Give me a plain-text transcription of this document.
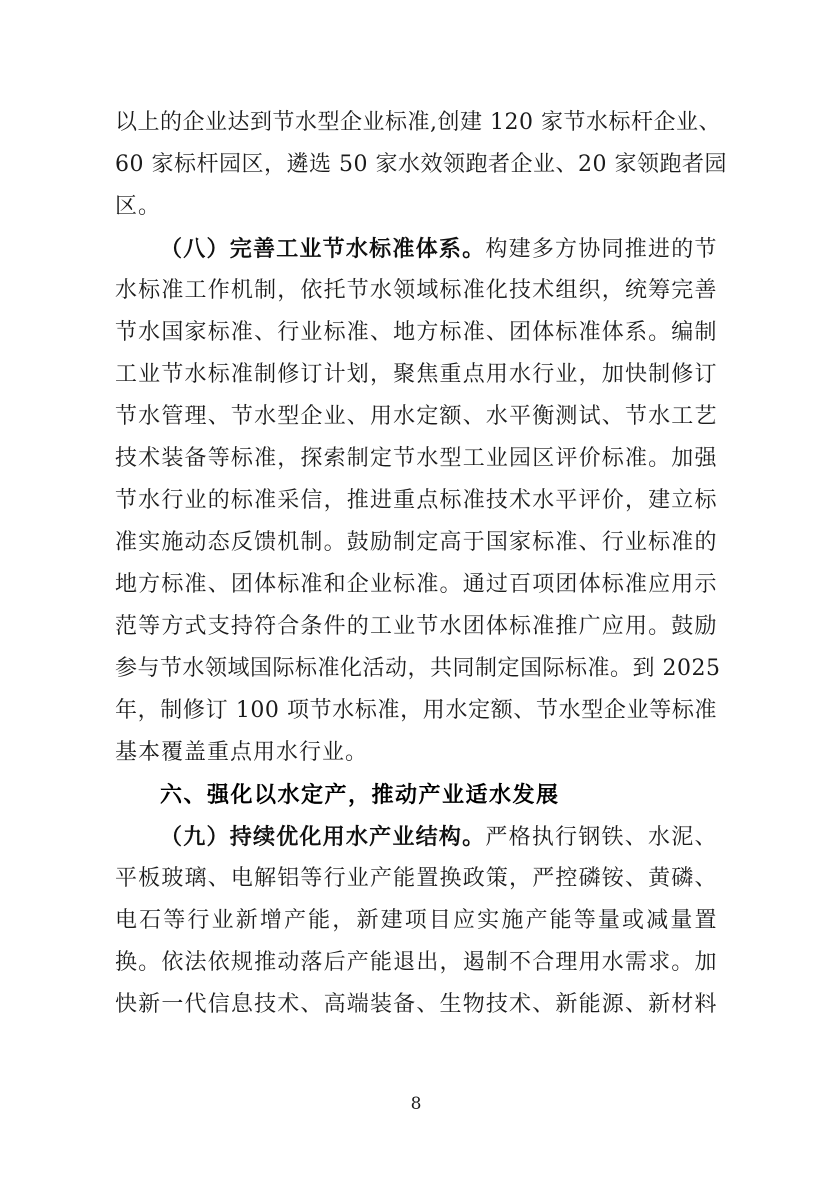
以上的企业达到节水型企业标准,创建 120 家节水标杆企业、
60 家标杆园区，遴选 50 家水效领跑者企业、20 家领跑者园
区。
（八）完善工业节水标准体系。构建多方协同推进的节
水标准工作机制，依托节水领域标准化技术组织，统筹完善
节水国家标准、行业标准、地方标准、团体标准体系。编制
工业节水标准制修订计划，聚焦重点用水行业，加快制修订
节水管理、节水型企业、用水定额、水平衡测试、节水工艺
技术装备等标准，探索制定节水型工业园区评价标准。加强
节水行业的标准采信，推进重点标准技术水平评价，建立标
准实施动态反馈机制。鼓励制定高于国家标准、行业标准的
地方标准、团体标准和企业标准。通过百项团体标准应用示
范等方式支持符合条件的工业节水团体标准推广应用。鼓励
参与节水领域国际标准化活动，共同制定国际标准。到 2025
年，制修订 100 项节水标准，用水定额、节水型企业等标准
基本覆盖重点用水行业。
六、强化以水定产，推动产业适水发展
（九）持续优化用水产业结构。严格执行钢铁、水泥、
平板玻璃、电解铝等行业产能置换政策，严控磷铵、黄磷、
电石等行业新增产能，新建项目应实施产能等量或减量置
换。依法依规推动落后产能退出，遏制不合理用水需求。加
快新一代信息技术、高端装备、生物技术、新能源、新材料
8
